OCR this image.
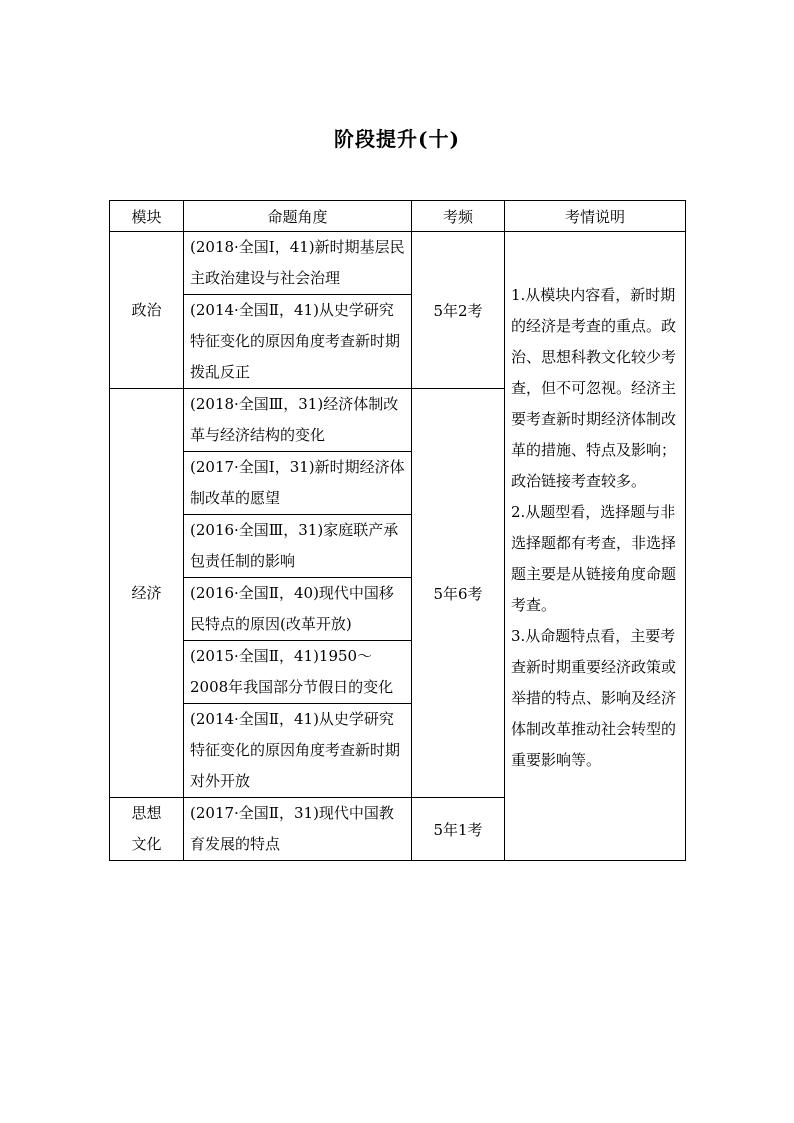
阶段提升(十)
模块	命题角度	考频	考情说明
政治	(2018·全国Ⅰ，41)新时期基层民主政治建设与社会治理	5年2考	1.从模块内容看，新时期的经济是考查的重点。政治、思想科教文化较少考查，但不可忽视。经济主要考查新时期经济体制改革的措施、特点及影响；政治链接考查较多。

2.从题型看，选择题与非选择题都有考查，非选择题主要是从链接角度命题考查。

3.从命题特点看，主要考查新时期重要经济政策或举措的特点、影响及经济体制改革推动社会转型的重要影响等。

	(2014·全国Ⅱ，41)从史学研究特征变化的原因角度考查新时期拨乱反正		
经济	(2018·全国Ⅲ，31)经济体制改革与经济结构的变化	5年6考	
	(2017·全国Ⅰ，31)新时期经济体制改革的愿望		
	(2016·全国Ⅲ，31)家庭联产承包责任制的影响		
	(2016·全国Ⅱ，40)现代中国移民特点的原因(改革开放)		
	(2015·全国Ⅱ，41)1950～2008年我国部分节假日的变化		
	(2014·全国Ⅱ，41)从史学研究特征变化的原因角度考查新时期对外开放		
思想
文化	(2017·全国Ⅱ，31)现代中国教育发展的特点	5年1考	
